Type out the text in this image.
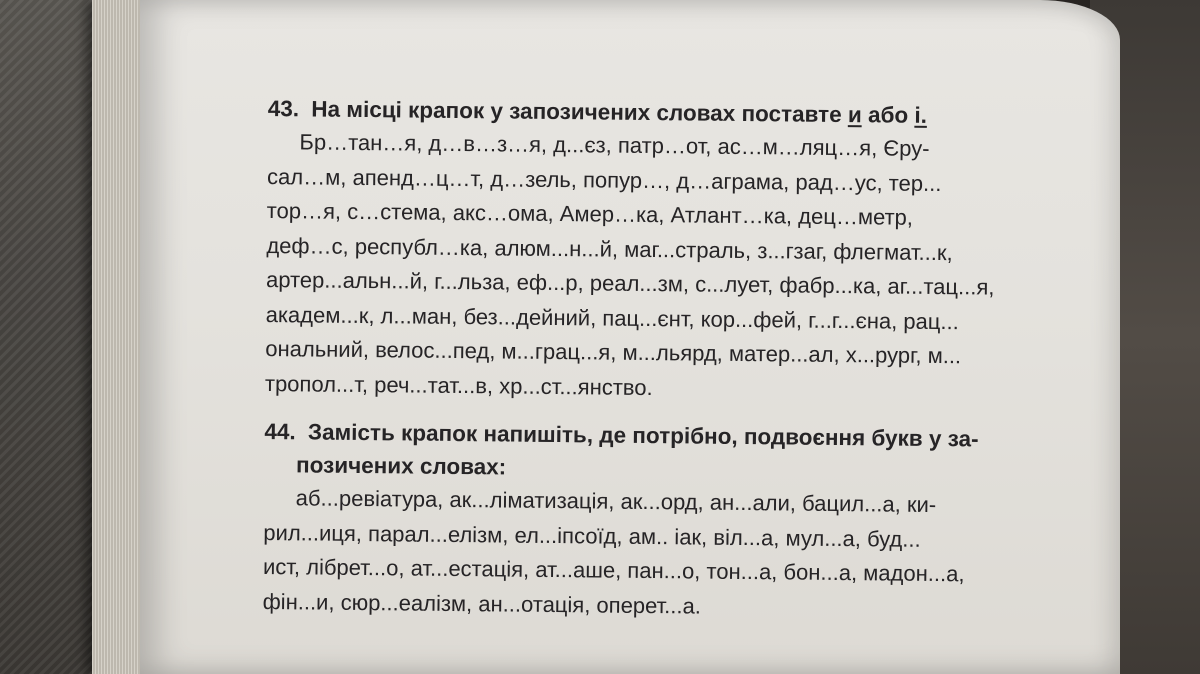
43. На місці крапок у запозичених словах поставте и або і.

Бр…тан…я, д…в…з…я, д...єз, патр…от, ас…м…ляц…я, Єру-
сал…м, апенд…ц…т, д…зель, попур…, д…аграма, рад…ус, тер...
тор…я, с…стема, акс…ома, Амер…ка, Атлант…ка, дец…метр,
деф…с, республ…ка, алюм...н...й, маг...страль, з...гзаг, флегмат...к,
артер...альн...й, г...льза, еф...р, реал...зм, с...лует, фабр...ка, аг...тац...я,
академ...к, л...ман, без...дейний, пац...єнт, кор...фей, г...г...єна, рац...
ональний, велос...пед, м...грац...я, м...льярд, матер...ал, х...рург, м...
тропол...т, реч...тат...в, хр...ст...янство.

44. Замість крапок напишіть, де потрібно, подвоєння букв у за-

позичених словах:

аб...ревіатура, ак...ліматизація, ак...орд, ан...али, бацил...а, ки-
рил...иця, парал...елізм, ел...іпсоїд, ам.. іак, віл...а, мул...а, буд...
ист, лібрет...о, ат...естація, ат...аше, пан...о, тон...а, бон...а, мадон...а,
фін...и, сюр...еалізм, ан...отація, оперет...а.
